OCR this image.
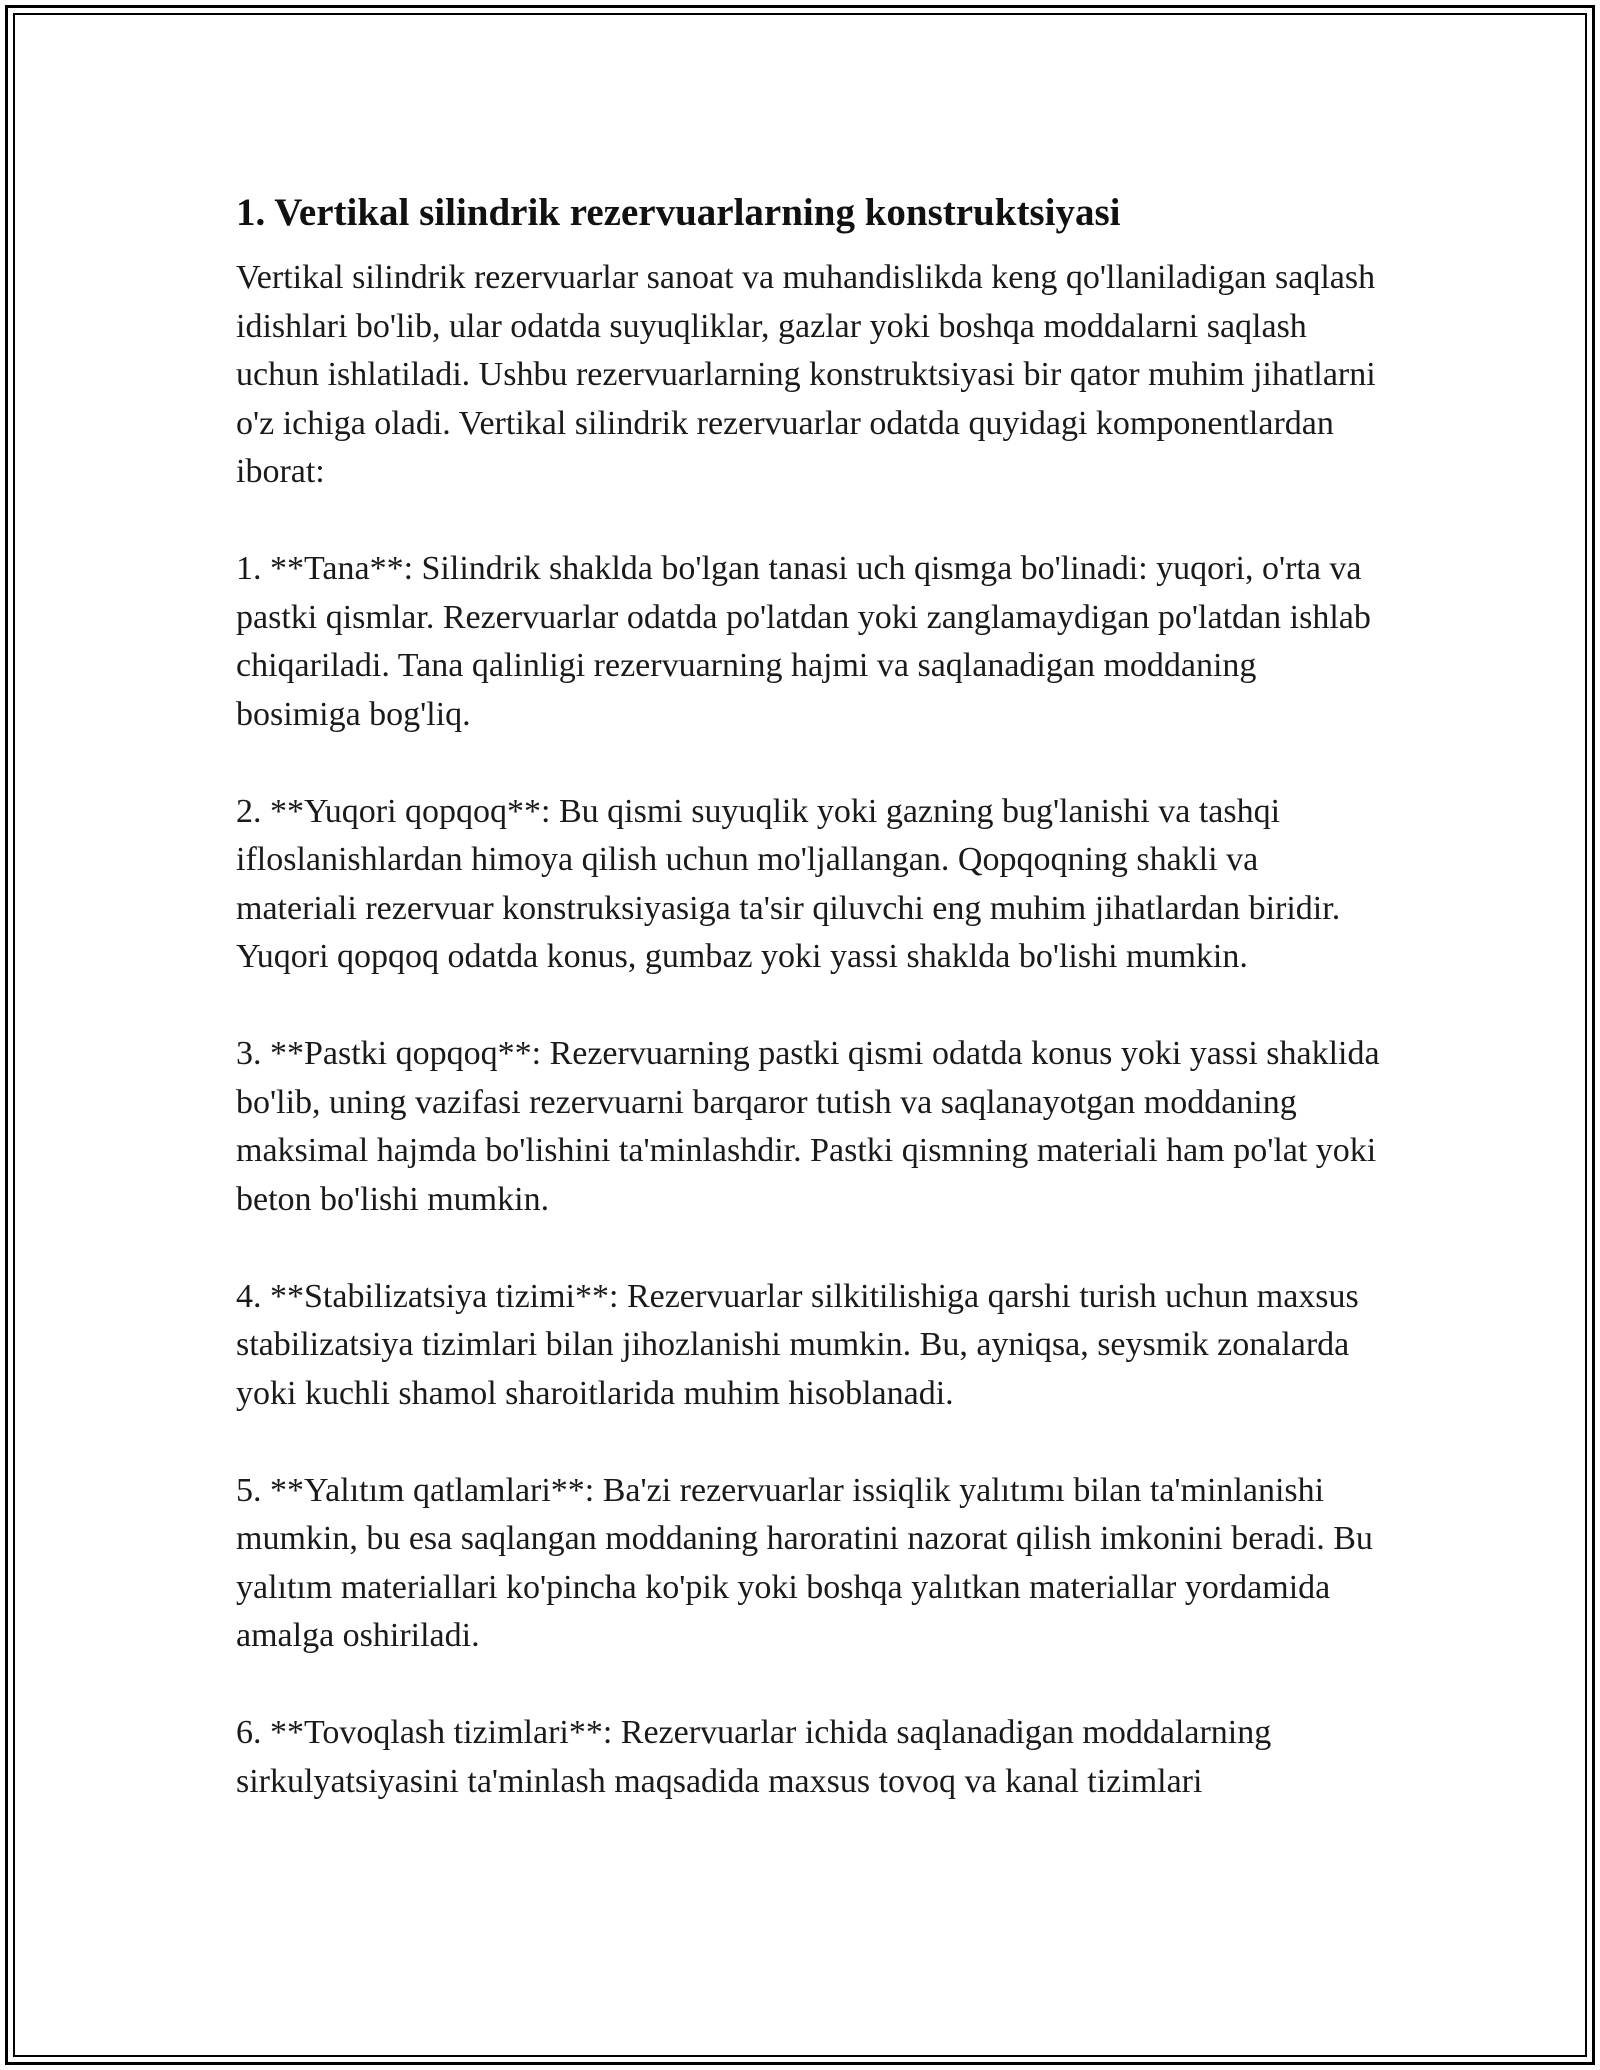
1. Vertikal silindrik rezervuarlarning konstruktsiyasi

Vertikal silindrik rezervuarlar sanoat va muhandislikda keng qo'llaniladigan saqlash idishlari bo'lib, ular odatda suyuqliklar, gazlar yoki boshqa moddalarni saqlash uchun ishlatiladi. Ushbu rezervuarlarning konstruktsiyasi bir qator muhim jihatlarni o'z ichiga oladi. Vertikal silindrik rezervuarlar odatda quyidagi komponentlardan iborat:

1. **Tana**: Silindrik shaklda bo'lgan tanasi uch qismga bo'linadi: yuqori, o'rta va pastki qismlar. Rezervuarlar odatda po'latdan yoki zanglamaydigan po'latdan ishlab chiqariladi. Tana qalinligi rezervuarning hajmi va saqlanadigan moddaning bosimiga bog'liq.

2. **Yuqori qopqoq**: Bu qismi suyuqlik yoki gazning bug'lanishi va tashqi ifloslanishlardan himoya qilish uchun mo'ljallangan. Qopqoqning shakli va materiali rezervuar konstruksiyasiga ta'sir qiluvchi eng muhim jihatlardan biridir. Yuqori qopqoq odatda konus, gumbaz yoki yassi shaklda bo'lishi mumkin.

3. **Pastki qopqoq**: Rezervuarning pastki qismi odatda konus yoki yassi shaklida bo'lib, uning vazifasi rezervuarni barqaror tutish va saqlanayotgan moddaning maksimal hajmda bo'lishini ta'minlashdir. Pastki qismning materiali ham po'lat yoki beton bo'lishi mumkin.

4. **Stabilizatsiya tizimi**: Rezervuarlar silkitilishiga qarshi turish uchun maxsus stabilizatsiya tizimlari bilan jihozlanishi mumkin. Bu, ayniqsa, seysmik zonalarda yoki kuchli shamol sharoitlarida muhim hisoblanadi.

5. **Yalıtım qatlamlari**: Ba'zi rezervuarlar issiqlik yalıtımı bilan ta'minlanishi mumkin, bu esa saqlangan moddaning haroratini nazorat qilish imkonini beradi. Bu yalıtım materiallari ko'pincha ko'pik yoki boshqa yalıtkan materiallar yordamida amalga oshiriladi.

6. **Tovoqlash tizimlari**: Rezervuarlar ichida saqlanadigan moddalarning sirkulyatsiyasini ta'minlash maqsadida maxsus tovoq va kanal tizimlari
